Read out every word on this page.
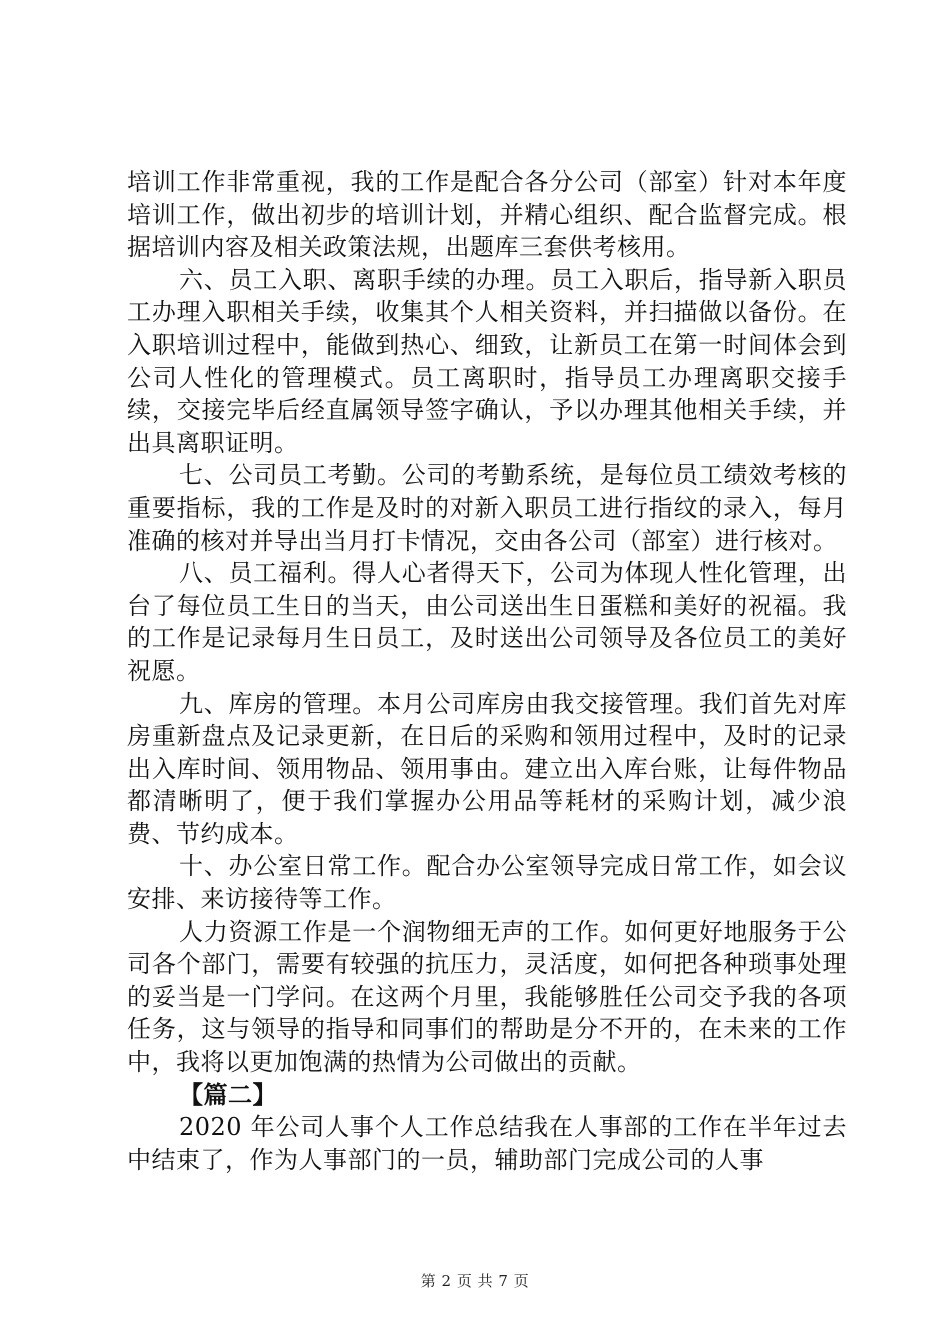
培训工作非常重视，我的工作是配合各分公司（部室）针对本年度培训工作，做出初步的培训计划，并精心组织、配合监督完成。根据培训内容及相关政策法规，出题库三套供考核用。

六、员工入职、离职手续的办理。员工入职后，指导新入职员工办理入职相关手续，收集其个人相关资料，并扫描做以备份。在入职培训过程中，能做到热心、细致，让新员工在第一时间体会到公司人性化的管理模式。员工离职时，指导员工办理离职交接手续，交接完毕后经直属领导签字确认，予以办理其他相关手续，并出具离职证明。

七、公司员工考勤。公司的考勤系统，是每位员工绩效考核的重要指标，我的工作是及时的对新入职员工进行指纹的录入，每月准确的核对并导出当月打卡情况，交由各公司（部室）进行核对。

八、员工福利。得人心者得天下，公司为体现人性化管理，出台了每位员工生日的当天，由公司送出生日蛋糕和美好的祝福。我的工作是记录每月生日员工，及时送出公司领导及各位员工的美好祝愿。

九、库房的管理。本月公司库房由我交接管理。我们首先对库房重新盘点及记录更新，在日后的采购和领用过程中，及时的记录出入库时间、领用物品、领用事由。建立出入库台账，让每件物品都清晰明了，便于我们掌握办公用品等耗材的采购计划，减少浪费、节约成本。

十、办公室日常工作。配合办公室领导完成日常工作，如会议安排、来访接待等工作。

人力资源工作是一个润物细无声的工作。如何更好地服务于公司各个部门，需要有较强的抗压力，灵活度，如何把各种琐事处理的妥当是一门学问。在这两个月里，我能够胜任公司交予我的各项任务，这与领导的指导和同事们的帮助是分不开的，在未来的工作中，我将以更加饱满的热情为公司做出的贡献。

【篇二】

2020 年公司人事个人工作总结我在人事部的工作在半年过去中结束了，作为人事部门的一员，辅助部门完成公司的人事

第 2 页 共 7 页
